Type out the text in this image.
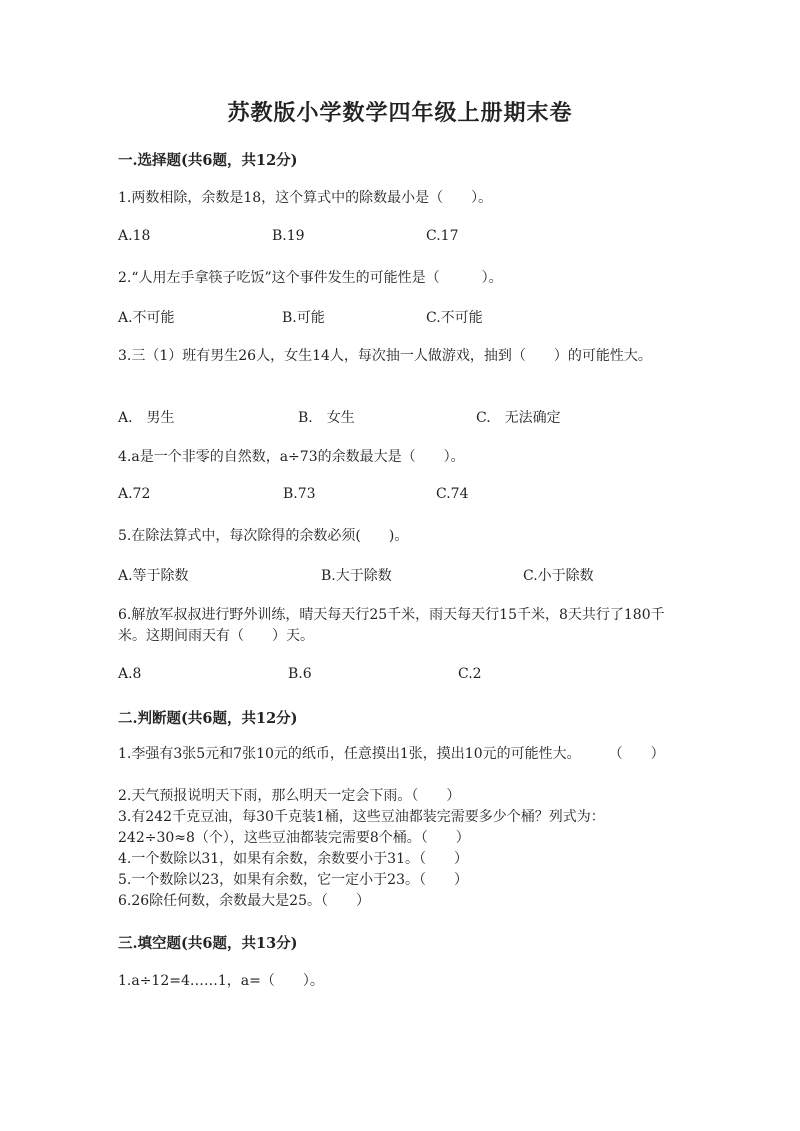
苏教版小学数学四年级上册期末卷
一.选择题(共6题，共12分)
1.两数相除，余数是18，这个算式中的除数最小是（　　）。
A.18	B.19	C.17
2.“人用左手拿筷子吃饭”这个事件发生的可能性是（　　　）。
A.不可能	B.可能	C.不可能
3.三（1）班有男生26人，女生14人，每次抽一人做游戏，抽到（　　）的可能性大。
A.　男生	B.　女生	C.　无法确定
4.a是一个非零的自然数，a÷73的余数最大是（　　）。
A.72	B.73	C.74
5.在除法算式中，每次除得的余数必须(　　)。
A.等于除数	B.大于除数	C.小于除数
6.解放军叔叔进行野外训练，晴天每天行25千米，雨天每天行15千米，8天共行了180千米。这期间雨天有（　　）天。
A.8	B.6	C.2
二.判断题(共6题，共12分)
1.李强有3张5元和7张10元的纸币，任意摸出1张，摸出10元的可能性大。　　　（　　）
2.天气预报说明天下雨，那么明天一定会下雨。（　　）
3.有242千克豆油，每30千克装1桶，这些豆油都装完需要多少个桶？列式为：242÷30≈8（个），这些豆油都装完需要8个桶。（　　）
4.一个数除以31，如果有余数，余数要小于31。（　　）
5.一个数除以23，如果有余数，它一定小于23。（　　）
6.26除任何数，余数最大是25。（　　）
三.填空题(共6题，共13分)
1.a÷12=4……1，a=（　　）。
